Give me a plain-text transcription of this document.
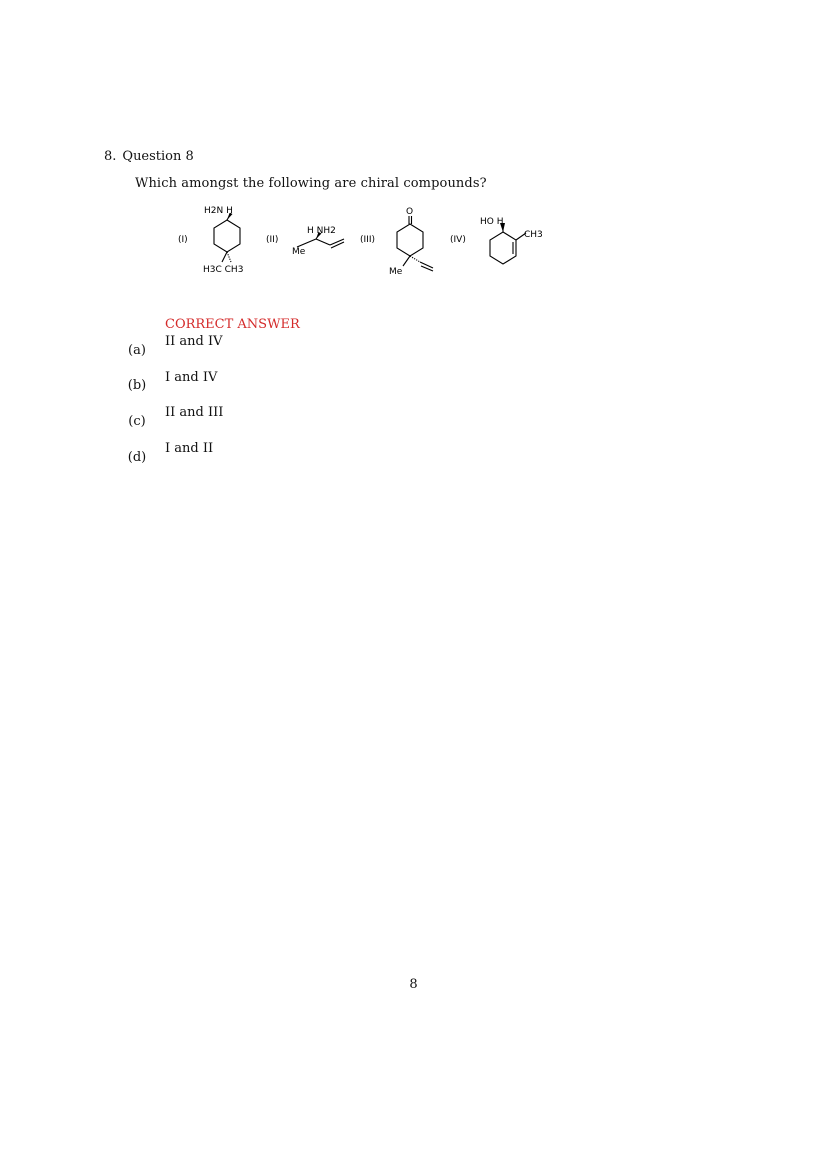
8. Question 8
Which amongst the following are chiral compounds?
(I)	(II)	(III)	(IV)
H2N H
H3C CH3
H NH2
Me
O
Me
HO H
CH3
CORRECT ANSWER
(a)
II and IV
(b)
I and IV
(c)
II and III
(d)
I and II
8
